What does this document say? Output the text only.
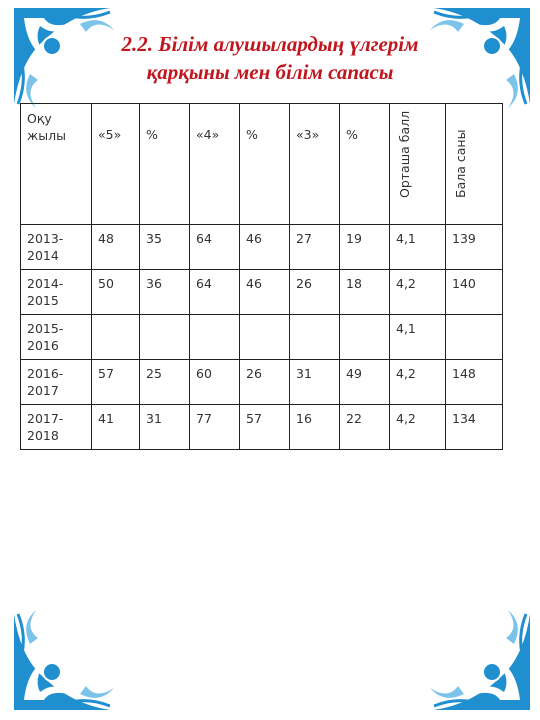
2.2. Білім алушылардың үлгерім
қарқыны мен білім сапасы
Оқу жылы	«5»	%	«4»	%	«3»	%	Орташа балл	Бала саны

2013-2014	48	35	64	46	27	19	4,1	139
2014-2015	50	36	64	46	26	18	4,2	140
2015-2016							4,1	
2016-2017	57	25	60	26	31	49	4,2	148
2017-2018	41	31	77	57	16	22	4,2	134
